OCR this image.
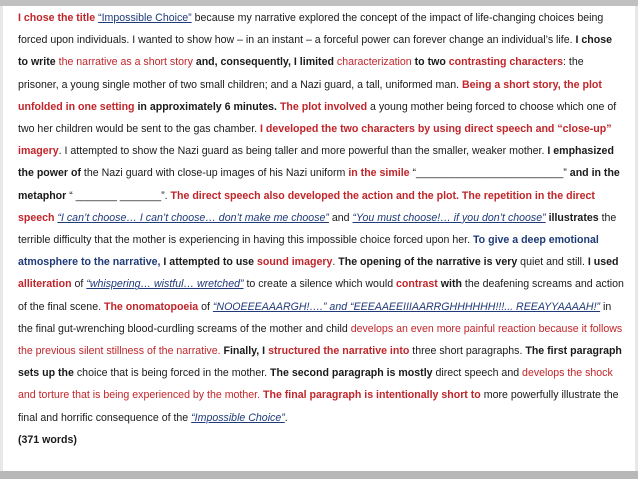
I chose the title “Impossible Choice” because my narrative explored the concept of the impact of life-changing choices being forced upon individuals. I wanted to show how – in an instant – a forceful power can forever change an individual’s life. I chose to write the narrative as a short story and, consequently, I limited characterization to two contrasting characters: the prisoner, a young single mother of two small children; and a Nazi guard, a tall, uniformed man. Being a short story, the plot unfolded in one setting in approximately 6 minutes. The plot involved a young mother being forced to choose which one of two her children would be sent to the gas chamber. I developed the two characters by using direct speech and “close-up” imagery. I attempted to show the Nazi guard as being taller and more powerful than the smaller, weaker mother. I emphasized the power of the Nazi guard with close-up images of his Nazi uniform in the simile “_________________________” and in the metaphor “ _______ _______”. The direct speech also developed the action and the plot. The repetition in the direct speech “I can’t choose… I can’t choose… don’t make me choose” and “You must choose!… if you don’t choose” illustrates the terrible difficulty that the mother is experiencing in having this impossible choice forced upon her. To give a deep emotional atmosphere to the narrative, I attempted to use sound imagery. The opening of the narrative is very quiet and still. I used alliteration of “whispering… wistful… wretched” to create a silence which would contrast with the deafening screams and action of the final scene. The onomatopoeia of “NOOEEEAAARGH!….” and “EEEAAEEIIIAARRGHHHHHH!!!... REEAYYAAAAH!” in the final gut-wrenching blood-curdling screams of the mother and child develops an even more painful reaction because it follows the previous silent stillness of the narrative. Finally, I structured the narrative into three short paragraphs. The first paragraph sets up the choice that is being forced in the mother. The second paragraph is mostly direct speech and develops the shock and torture that is being experienced by the mother. The final paragraph is intentionally short to more powerfully illustrate the final and horrific consequence of the “Impossible Choice”.
(371 words)
